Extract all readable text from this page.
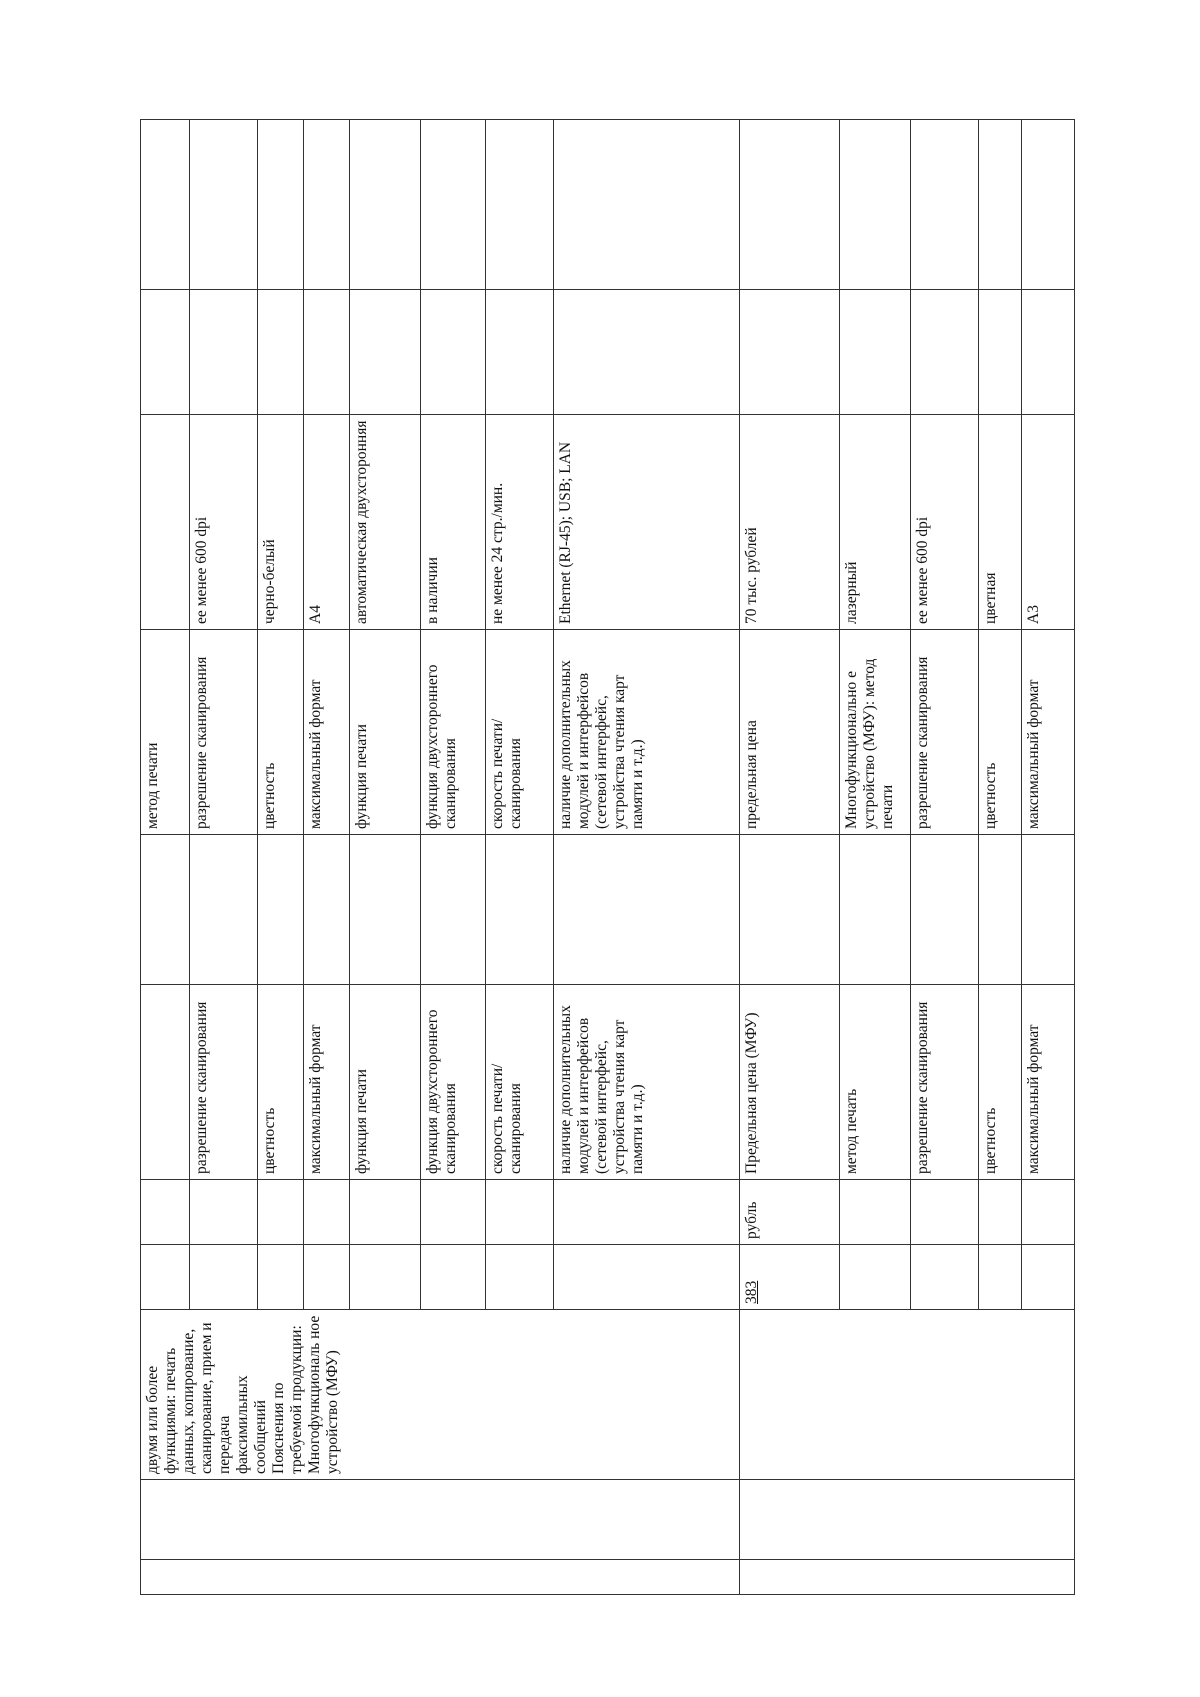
		двумя или более функциями: печать данных, копирование, сканирование, прием и передача факсимильных сообщений Пояснения по требуемой продукции: Многофункциональ ное устройство (МФУ)					метод печати			
					разрешение сканирования		разрешение сканирования	ее менее 600 dpi		
					цветность		цветность	черно-белый		
					максимальный формат		максимальный формат	А4		
					функция печати		функция печати	автоматическая двухсторонняя		
					функция двухстороннего сканирования		функция двухстороннего сканирования	в наличии		
					скорость печати/сканирования		скорость печати/сканирования	не менее 24 стр./мин.		
					наличие дополнительных модулей и интерфейсов (сетевой интерфейс, устройства чтения карт памяти и т.д.)		наличие дополнительных модулей и интерфейсов (сетевой интерфейс, устройства чтения карт памяти и т.д.)	Ethernet (RJ-45); USB; LAN		
			383	рубль	Предельная цена (МФУ)		предельная цена	70 тыс. рублей		
					метод печать		Многофункционально е устройство (МФУ): метод печати	лазерный		
					разрешение сканирования		разрешение сканирования	ее менее 600 dpi		
					цветность		цветность	цветная		
					максимальный формат		максимальный формат	А3		
